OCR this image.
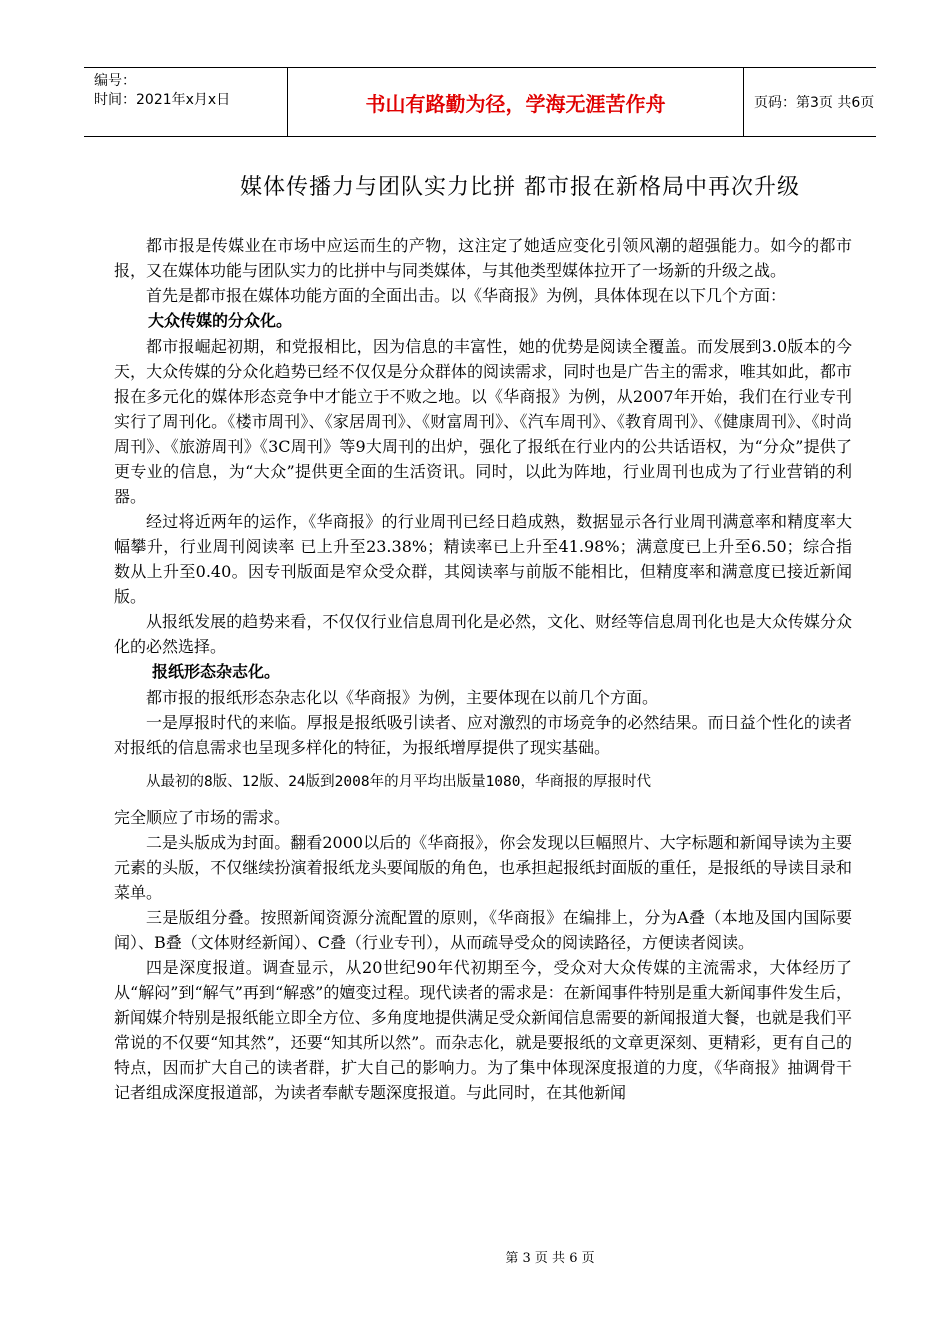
编号：
时间：2021年x月x日	书山有路勤为径，学海无涯苦作舟	页码：第3页 共6页
媒体传播力与团队实力比拼 都市报在新格局中再次升级

都市报是传媒业在市场中应运而生的产物，这注定了她适应变化引领风潮的超强能力。如今的都市报，又在媒体功能与团队实力的比拼中与同类媒体，与其他类型媒体拉开了一场新的升级之战。

首先是都市报在媒体功能方面的全面出击。以《华商报》为例，具体体现在以下几个方面：

大众传媒的分众化。

都市报崛起初期，和党报相比，因为信息的丰富性，她的优势是阅读全覆盖。而发展到3.0版本的今天，大众传媒的分众化趋势已经不仅仅是分众群体的阅读需求，同时也是广告主的需求，唯其如此，都市报在多元化的媒体形态竞争中才能立于不败之地。以《华商报》为例，从2007年开始，我们在行业专刊实行了周刊化。《楼市周刊》、《家居周刊》、《财富周刊》、《汽车周刊》、《教育周刊》、《健康周刊》、《时尚周刊》、《旅游周刊》《3C周刊》等9大周刊的出炉，强化了报纸在行业内的公共话语权，为“分众”提供了更专业的信息，为“大众”提供更全面的生活资讯。同时，以此为阵地，行业周刊也成为了行业营销的利器。

经过将近两年的运作，《华商报》的行业周刊已经日趋成熟，数据显示各行业周刊满意率和精度率大幅攀升，行业周刊阅读率 已上升至23.38%；精读率已上升至41.98%；满意度已上升至6.50；综合指数从上升至0.40。因专刊版面是窄众受众群，其阅读率与前版不能相比，但精度率和满意度已接近新闻版。

从报纸发展的趋势来看，不仅仅行业信息周刊化是必然，文化、财经等信息周刊化也是大众传媒分众化的必然选择。

报纸形态杂志化。

都市报的报纸形态杂志化以《华商报》为例，主要体现在以前几个方面。

一是厚报时代的来临。厚报是报纸吸引读者、应对激烈的市场竞争的必然结果。而日益个性化的读者对报纸的信息需求也呈现多样化的特征，为报纸增厚提供了现实基础。

从最初的8版、12版、24版到2008年的月平均出版量1080，华商报的厚报时代

完全顺应了市场的需求。

二是头版成为封面。翻看2000以后的《华商报》，你会发现以巨幅照片、大字标题和新闻导读为主要元素的头版，不仅继续扮演着报纸龙头要闻版的角色，也承担起报纸封面版的重任，是报纸的导读目录和菜单。

三是版组分叠。按照新闻资源分流配置的原则，《华商报》在编排上，分为A叠（本地及国内国际要闻）、B叠（文体财经新闻）、C叠（行业专刊），从而疏导受众的阅读路径，方便读者阅读。

四是深度报道。调查显示，从20世纪90年代初期至今，受众对大众传媒的主流需求，大体经历了从“解闷”到“解气”再到“解惑”的嬗变过程。现代读者的需求是：在新闻事件特别是重大新闻事件发生后，新闻媒介特别是报纸能立即全方位、多角度地提供满足受众新闻信息需要的新闻报道大餐，也就是我们平常说的不仅要“知其然”，还要“知其所以然”。而杂志化，就是要报纸的文章更深刻、更精彩，更有自己的特点，因而扩大自己的读者群，扩大自己的影响力。为了集中体现深度报道的力度，《华商报》抽调骨干记者组成深度报道部，为读者奉献专题深度报道。与此同时，在其他新闻

第 3 页 共 6 页
